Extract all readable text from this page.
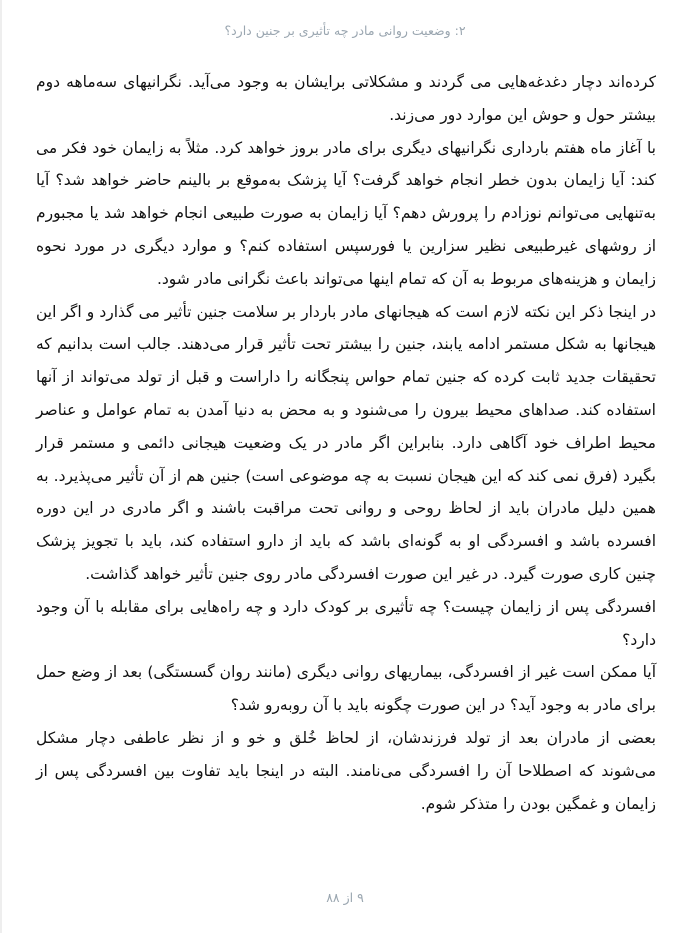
۲: وضعیت روانی مادر چه تأثیری بر جنین دارد؟

کرده‌اند دچار دغدغه‌هایی می گردند و مشکلاتی برایشان به وجود می‌آید. نگرانیهای سه‌ماهه دوم بیشتر حول و حوش این موارد دور می‌زند.

با آغاز ماه هفتم بارداری نگرانیهای دیگری برای مادر بروز خواهد کرد. مثلاً به زایمان خود فکر می کند: آیا زایمان بدون خطر انجام خواهد گرفت؟ آیا پزشک به‌موقع بر بالینم حاضر خواهد شد؟ آیا به‌تنهایی می‌توانم نوزادم را پرورش دهم؟ آیا زایمان به صورت طبیعی انجام خواهد شد یا مجبورم از روشهای غیرطبیعی نظیر سزارین یا فورسپس استفاده کنم؟ و موارد دیگری در مورد نحوه زایمان و هزینه‌های مربوط به آن که تمام اینها می‌تواند باعث نگرانی مادر شود.

در اینجا ذکر این نکته لازم است که هیجانهای مادر باردار بر سلامت جنین تأثیر می گذارد و اگر این هیجانها به شکل مستمر ادامه یابند، جنین را بیشتر تحت تأثیر قرار می‌دهند. جالب است بدانیم که تحقیقات جدید ثابت کرده که جنین تمام حواس پنجگانه را داراست و قبل از تولد می‌تواند از آنها استفاده کند. صداهای محیط بیرون را می‌شنود و به محض به دنیا آمدن به تمام عوامل و عناصر محیط اطراف خود آگاهی دارد. بنابراین اگر مادر در یک وضعیت هیجانی دائمی و مستمر قرار بگیرد (فرق نمی کند که این هیجان نسبت به چه موضوعی است) جنین هم از آن تأثیر می‌پذیرد. به همین دلیل مادران باید از لحاظ روحی و روانی تحت مراقبت باشند و اگر مادری در این دوره افسرده باشد و افسردگی او به گونه‌ای باشد که باید از دارو استفاده کند، باید با تجویز پزشک چنین کاری صورت گیرد. در غیر این صورت افسردگی مادر روی جنین تأثیر خواهد گذاشت.

افسردگی پس از زایمان چیست؟ چه تأثیری بر کودک دارد و چه راه‌هایی برای مقابله با آن وجود دارد؟

آیا ممکن است غیر از افسردگی، بیماریهای روانی دیگری (مانند روان گسستگی) بعد از وضع حمل برای مادر به وجود آید؟ در این صورت چگونه باید با آن روبه‌رو شد؟

بعضی از مادران بعد از تولد فرزندشان، از لحاظ خُلق و خو و از نظر عاطفی دچار مشکل می‌شوند که اصطلاحا آن را افسردگی می‌نامند. البته در اینجا باید تفاوت بین افسردگی پس از زایمان و غمگین بودن را متذکر شوم.

۹ از ۸۸
